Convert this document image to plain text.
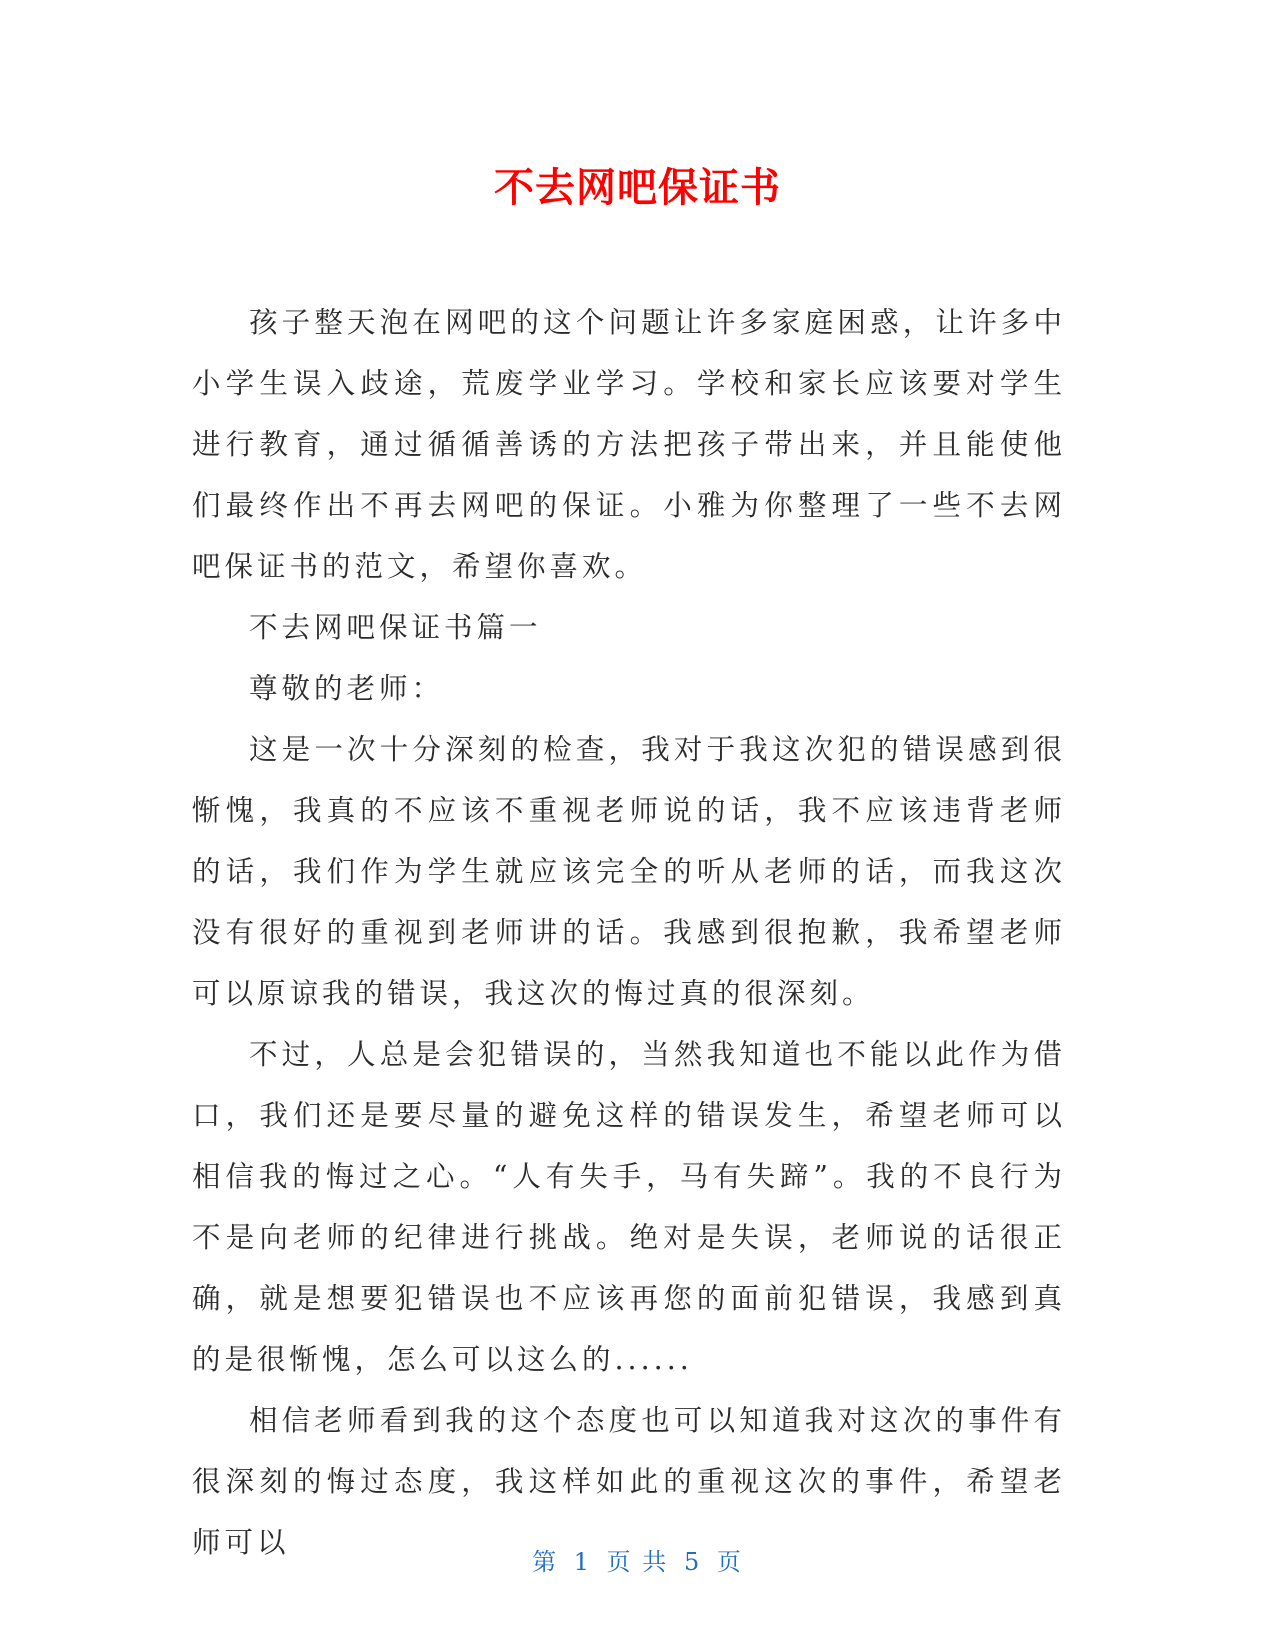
不去网吧保证书

孩子整天泡在网吧的这个问题让许多家庭困惑，让许多中小学生误入歧途，荒废学业学习。学校和家长应该要对学生进行教育，通过循循善诱的方法把孩子带出来，并且能使他们最终作出不再去网吧的保证。小雅为你整理了一些不去网吧保证书的范文，希望你喜欢。

不去网吧保证书篇一

尊敬的老师：

这是一次十分深刻的检查，我对于我这次犯的错误感到很惭愧，我真的不应该不重视老师说的话，我不应该违背老师的话，我们作为学生就应该完全的听从老师的话，而我这次没有很好的重视到老师讲的话。我感到很抱歉，我希望老师可以原谅我的错误，我这次的悔过真的很深刻。

不过，人总是会犯错误的，当然我知道也不能以此作为借口，我们还是要尽量的避免这样的错误发生，希望老师可以相信我的悔过之心。“人有失手，马有失蹄”。我的不良行为不是向老师的纪律进行挑战。绝对是失误，老师说的话很正确，就是想要犯错误也不应该再您的面前犯错误，我感到真的是很惭愧，怎么可以这么的......

相信老师看到我的这个态度也可以知道我对这次的事件有很深刻的悔过态度，我这样如此的重视这次的事件，希望老师可以

第 1 页 共 5 页
